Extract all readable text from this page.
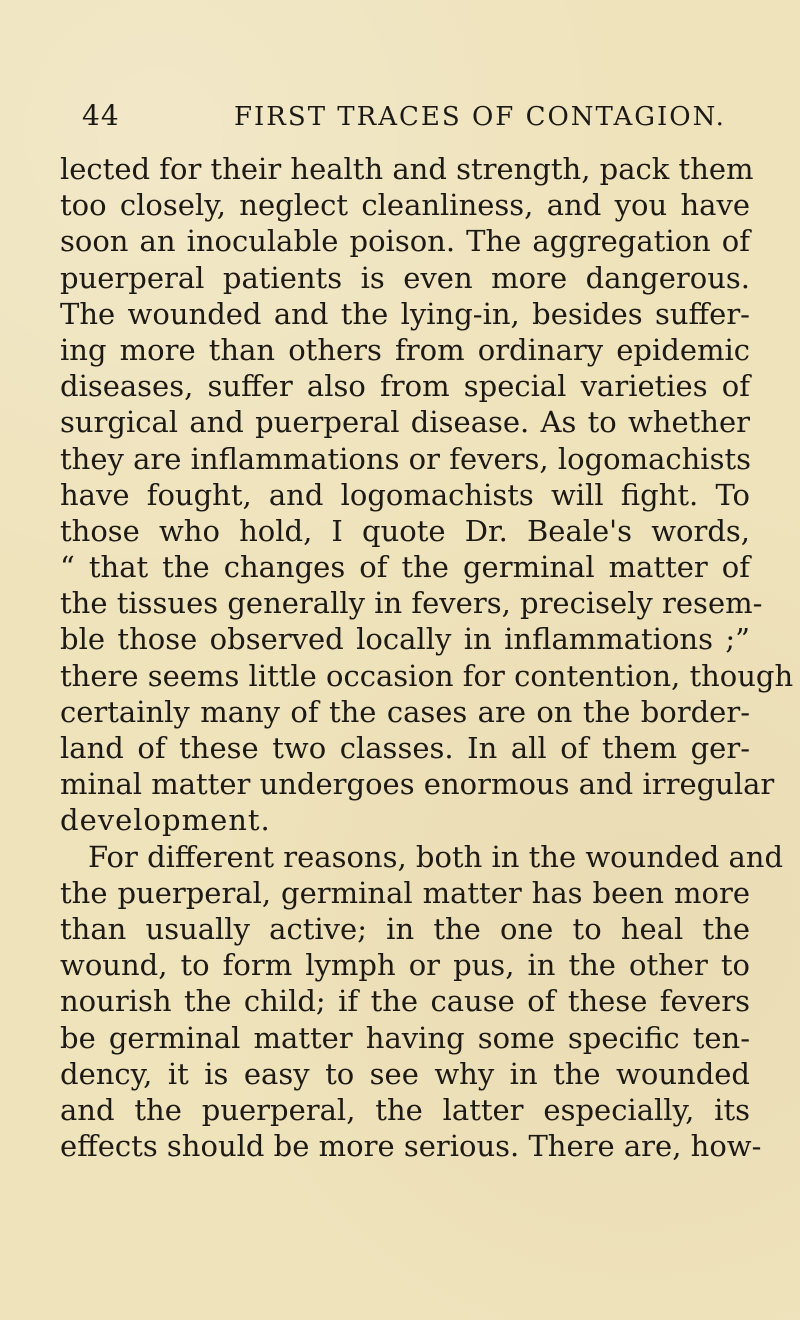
44	FIRST TRACES OF CONTAGION.
lected for their health and strength, pack them
too closely, neglect cleanliness, and you have
soon an inoculable poison. The aggregation of
puerperal patients is even more dangerous.
The wounded and the lying-in, besides suffer-
ing more than others from ordinary epidemic
diseases, suffer also from special varieties of
surgical and puerperal disease. As to whether
they are inflammations or fevers, logomachists
have fought, and logomachists will fight. To
those who hold, I quote Dr. Beale's words,
“ that the changes of the germinal matter of
the tissues generally in fevers, precisely resem-
ble those observed locally in inflammations ;”
there seems little occasion for contention, though
certainly many of the cases are on the border-
land of these two classes. In all of them ger-
minal matter undergoes enormous and irregular
development.
For different reasons, both in the wounded and
the puerperal, germinal matter has been more
than usually active; in the one to heal the
wound, to form lymph or pus, in the other to
nourish the child; if the cause of these fevers
be germinal matter having some specific ten-
dency, it is easy to see why in the wounded
and the puerperal, the latter especially, its
effects should be more serious. There are, how-
